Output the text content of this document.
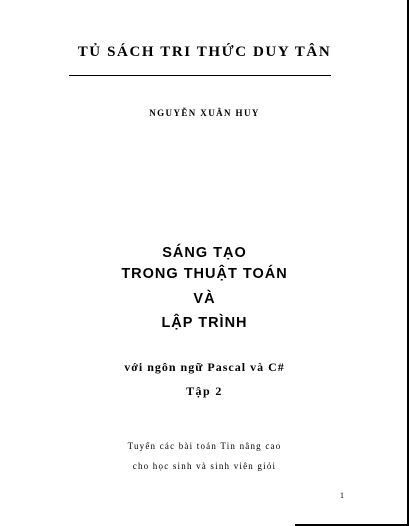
TỦ SÁCH TRI THỨC DUY TÂN
NGUYỄN XUÂN HUY
SÁNG TẠO
TRONG THUẬT TOÁN
VÀ
LẬP TRÌNH
với ngôn ngữ Pascal và C#
Tập 2
Tuyển các bài toán Tin nâng cao
cho học sinh và sinh viên giỏi
1
